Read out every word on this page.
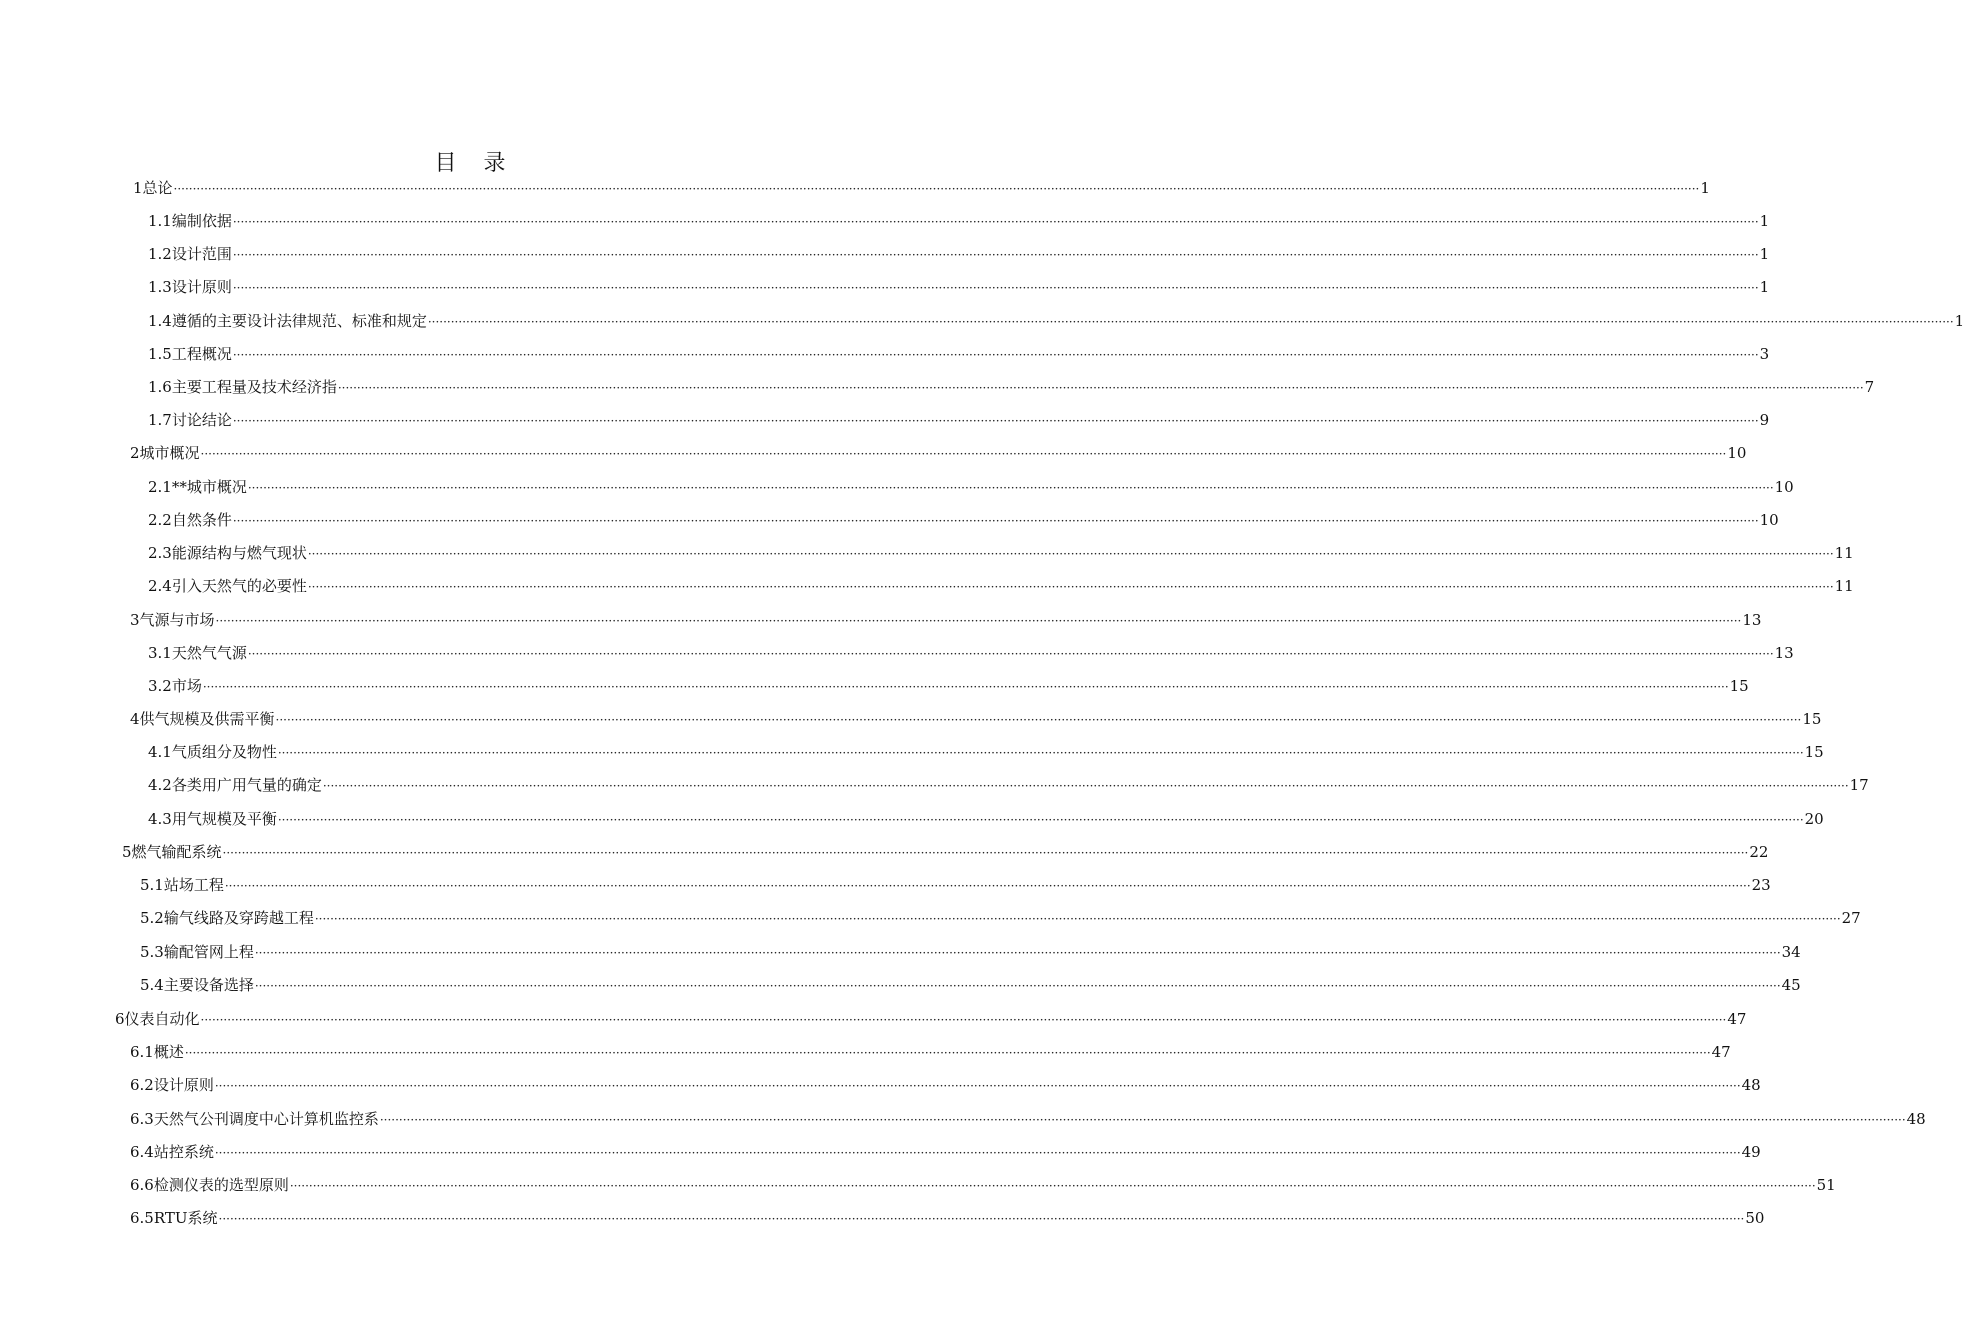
目 录
1总论 ················································································································································································································································································································································································································ 1
1.1编制依据 ················································································································································································································································································································································································································ 1
1.2设计范围 ················································································································································································································································································································································································································ 1
1.3设计原则 ················································································································································································································································································································································································································ 1
1.4遵循的主要设计法律规范、标准和规定 ················································································································································································································································································································································································································ 1
1.5工程概况 ················································································································································································································································································································································································································ 3
1.6主要工程量及技术经济指 ················································································································································································································································································································································································································ 7
1.7讨论结论 ················································································································································································································································································································································································································ 9
2城市概况 ················································································································································································································································································································································································································ 10
2.1**城市概况 ················································································································································································································································································································································································································ 10
2.2自然条件 ················································································································································································································································································································································································································ 10
2.3能源结构与燃气现状 ················································································································································································································································································································································································································ 11
2.4引入天然气的必要性 ················································································································································································································································································································································································································ 11
3气源与市场 ················································································································································································································································································································································································································ 13
3.1天然气气源 ················································································································································································································································································································································································································ 13
3.2市场 ················································································································································································································································································································································································································ 15
4供气规模及供需平衡 ················································································································································································································································································································································································································ 15
4.1气质组分及物性 ················································································································································································································································································································································································································ 15
4.2各类用广用气量的确定 ················································································································································································································································································································································································································ 17
4.3用气规模及平衡 ················································································································································································································································································································································································································ 20
5燃气输配系统 ················································································································································································································································································································································································································ 22
5.1站场工程 ················································································································································································································································································································································································································ 23
5.2输气线路及穿跨越工程 ················································································································································································································································································································································································································ 27
5.3输配管网上程 ················································································································································································································································································································································································································ 34
5.4主要设备选择 ················································································································································································································································································································································································································ 45
6仪表自动化 ················································································································································································································································································································································································································ 47
6.1概述 ················································································································································································································································································································································································································ 47
6.2设计原则 ················································································································································································································································································································································································································ 48
6.3天然气公刊调度中心计算机监控系 ················································································································································································································································································································································································································ 48
6.4站控系统 ················································································································································································································································································································································································································ 49
6.6检测仪表的选型原则 ················································································································································································································································································································································································································ 51
6.5RTU系统 ················································································································································································································································································································································································································ 50
